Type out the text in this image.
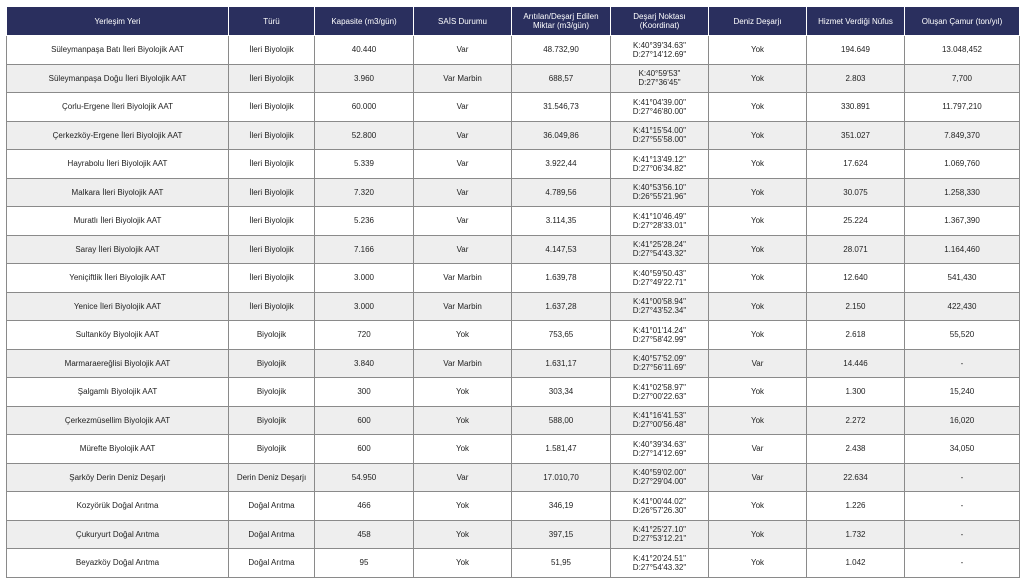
Yerleşim Yeri	Türü	Kapasite (m3/gün)	SAİS Durumu	Arıtılan/Deşarj Edilen Miktar (m3/gün)	Deşarj Noktası (Koordinat)	Deniz Deşarjı	Hizmet Verdiği Nüfus	Oluşan Çamur (ton/yıl)
Süleymanpaşa Batı İleri Biyolojik AAT	İleri Biyolojik	40.440	Var	48.732,90	K:40°39'34.63"
D:27°14'12.69"	Yok	194.649	13.048,452
Süleymanpaşa Doğu İleri Biyolojik AAT	İleri Biyolojik	3.960	Var Marbin	688,57	K:40°59'53"
D:27°36'45"	Yok	2.803	7,700
Çorlu-Ergene İleri Biyolojik AAT	İleri Biyolojik	60.000	Var	31.546,73	K:41°04'39.00"
D:27°46'80.00"	Yok	330.891	11.797,210
Çerkezköy-Ergene İleri Biyolojik AAT	İleri Biyolojik	52.800	Var	36.049,86	K:41°15'54.00"
D:27°55'58.00"	Yok	351.027	7.849,370
Hayrabolu İleri Biyolojik AAT	İleri Biyolojik	5.339	Var	3.922,44	K:41°13'49.12"
D:27°06'34.82"	Yok	17.624	1.069,760
Malkara İleri Biyolojik AAT	İleri Biyolojik	7.320	Var	4.789,56	K:40°53'56.10"
D:26°55'21.96"	Yok	30.075	1.258,330
Muratlı İleri Biyolojik AAT	İleri Biyolojik	5.236	Var	3.114,35	K:41°10'46.49"
D:27°28'33.01"	Yok	25.224	1.367,390
Saray İleri Biyolojik AAT	İleri Biyolojik	7.166	Var	4.147,53	K:41°25'28.24"
D:27°54'43.32"	Yok	28.071	1.164,460
Yeniçiftlik İleri Biyolojik AAT	İleri Biyolojik	3.000	Var Marbin	1.639,78	K:40°59'50.43"
D:27°49'22.71"	Yok	12.640	541,430
Yenice İleri Biyolojik AAT	İleri Biyolojik	3.000	Var Marbin	1.637,28	K:41°00'58.94"
D:27°43'52.34"	Yok	2.150	422,430
Sultanköy Biyolojik AAT	Biyolojik	720	Yok	753,65	K:41°01'14.24"
D:27°58'42.99"	Yok	2.618	55,520
Marmaraereğlisi Biyolojik AAT	Biyolojik	3.840	Var Marbin	1.631,17	K:40°57'52.09"
D:27°56'11.69"	Var	14.446	-
Şalgamlı Biyolojik AAT	Biyolojik	300	Yok	303,34	K:41°02'58.97"
D:27°00'22.63"	Yok	1.300	15,240
Çerkezmüsellim Biyolojik AAT	Biyolojik	600	Yok	588,00	K:41°16'41.53"
D:27°00'56.48"	Yok	2.272	16,020
Mürefte Biyolojik AAT	Biyolojik	600	Yok	1.581,47	K:40°39'34.63"
D:27°14'12.69"	Var	2.438	34,050
Şarköy Derin Deniz Deşarjı	Derin Deniz Deşarjı	54.950	Var	17.010,70	K:40°59'02.00"
D:27°29'04.00"	Var	22.634	-
Kozyörük Doğal Arıtma	Doğal Arıtma	466	Yok	346,19	K:41°00'44.02"
D:26°57'26.30"	Yok	1.226	-
Çukuryurt Doğal Arıtma	Doğal Arıtma	458	Yok	397,15	K:41°25'27.10"
D:27°53'12.21"	Yok	1.732	-
Beyazköy Doğal Arıtma	Doğal Arıtma	95	Yok	51,95	K:41°20'24.51"
D:27°54'43.32"	Yok	1.042	-
